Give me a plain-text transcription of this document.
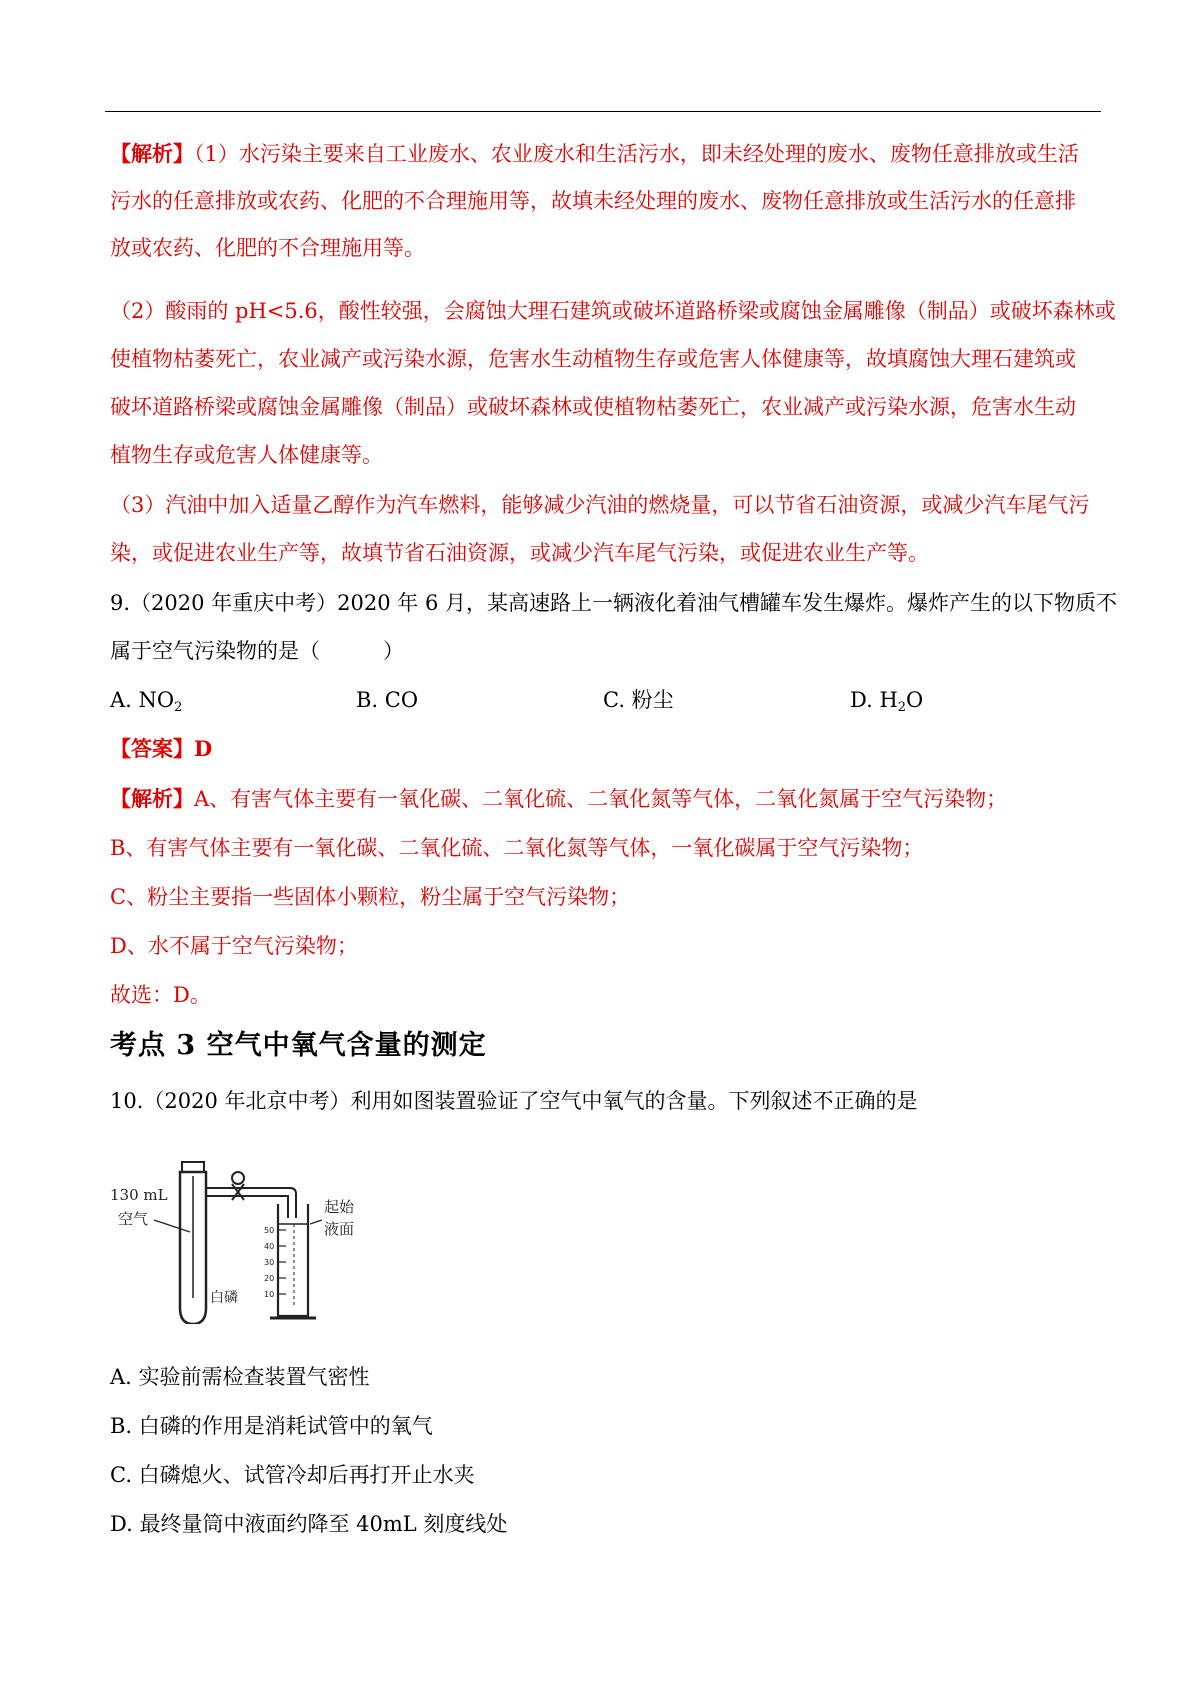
【解析】（1）水污染主要来自工业废水、农业废水和生活污水，即未经处理的废水、废物任意排放或生活
污水的任意排放或农药、化肥的不合理施用等，故填未经处理的废水、废物任意排放或生活污水的任意排
放或农药、化肥的不合理施用等。
（2）酸雨的 pH<5.6，酸性较强，会腐蚀大理石建筑或破坏道路桥梁或腐蚀金属雕像（制品）或破坏森林或
使植物枯萎死亡，农业减产或污染水源，危害水生动植物生存或危害人体健康等，故填腐蚀大理石建筑或
破坏道路桥梁或腐蚀金属雕像（制品）或破坏森林或使植物枯萎死亡，农业减产或污染水源，危害水生动
植物生存或危害人体健康等。
（3）汽油中加入适量乙醇作为汽车燃料，能够减少汽油的燃烧量，可以节省石油资源，或减少汽车尾气污
染，或促进农业生产等，故填节省石油资源，或减少汽车尾气污染，或促进农业生产等。
9.（2020 年重庆中考）2020 年 6 月，某高速路上一辆液化着油气槽罐车发生爆炸。爆炸产生的以下物质不
属于空气污染物的是（　　　）
A. $NO_2$	B. CO	C. 粉尘	D. $H_2O$
【答案】D
【解析】A、有害气体主要有一氧化碳、二氧化硫、二氧化氮等气体，二氧化氮属于空气污染物；
B、有害气体主要有一氧化碳、二氧化硫、二氧化氮等气体，一氧化碳属于空气污染物；
C、粉尘主要指一些固体小颗粒，粉尘属于空气污染物；
D、水不属于空气污染物；
故选：D。
考点 3 空气中氧气含量的测定
10.（2020 年北京中考）利用如图装置验证了空气中氧气的含量。下列叙述不正确的是
130 mL
空气
白磷
起始
液面
50
40
30
20
10
A. 实验前需检查装置气密性
B. 白磷的作用是消耗试管中的氧气
C. 白磷熄火、试管冷却后再打开止水夹
D. 最终量筒中液面约降至 40mL 刻度线处
